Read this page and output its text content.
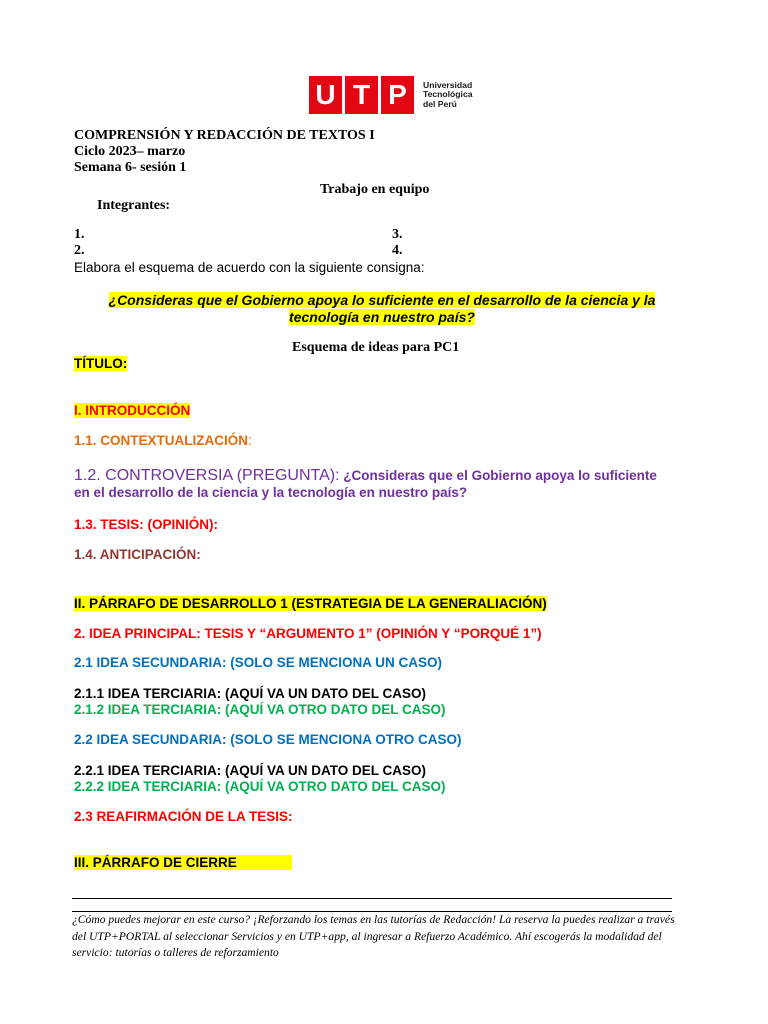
U T P	Universidad
Tecnológica
del Perú
COMPRENSIÓN Y REDACCIÓN DE TEXTOS I
Ciclo 2023– marzo
Semana 6- sesión 1
Trabajo en equipo
Integrantes:
1.
2.
3.
4.
Elabora el esquema de acuerdo con la siguiente consigna:
¿Consideras que el Gobierno apoya lo suficiente en el desarrollo de la ciencia y la
tecnología en nuestro país?
Esquema de ideas para PC1
TÍTULO:
I. INTRODUCCIÓN
1.1. CONTEXTUALIZACIÓN:
1.2. CONTROVERSIA (PREGUNTA): ¿Consideras que el Gobierno apoya lo suficiente
en el desarrollo de la ciencia y la tecnología en nuestro país?
1.3. TESIS: (OPINIÓN):
1.4. ANTICIPACIÓN:
II. PÁRRAFO DE DESARROLLO 1 (ESTRATEGIA DE LA GENERALIACIÓN)
2. IDEA PRINCIPAL: TESIS Y “ARGUMENTO 1” (OPINIÓN Y “PORQUÉ 1”)
2.1 IDEA SECUNDARIA: (SOLO SE MENCIONA UN CASO)
2.1.1 IDEA TERCIARIA: (AQUÍ VA UN DATO DEL CASO)
2.1.2 IDEA TERCIARIA: (AQUÍ VA OTRO DATO DEL CASO)
2.2 IDEA SECUNDARIA: (SOLO SE MENCIONA OTRO CASO)
2.2.1 IDEA TERCIARIA: (AQUÍ VA UN DATO DEL CASO)
2.2.2 IDEA TERCIARIA: (AQUÍ VA OTRO DATO DEL CASO)
2.3 REAFIRMACIÓN DE LA TESIS:
III. PÁRRAFO DE CIERRE
¿Cómo puedes mejorar en este curso? ¡Reforzando los temas en las tutorías de Redacción! La reserva la puedes realizar a través del UTP+PORTAL al seleccionar Servicios y en UTP+app, al ingresar a Refuerzo Académico. Ahí escogerás la modalidad del servicio: tutorías o talleres de reforzamiento
